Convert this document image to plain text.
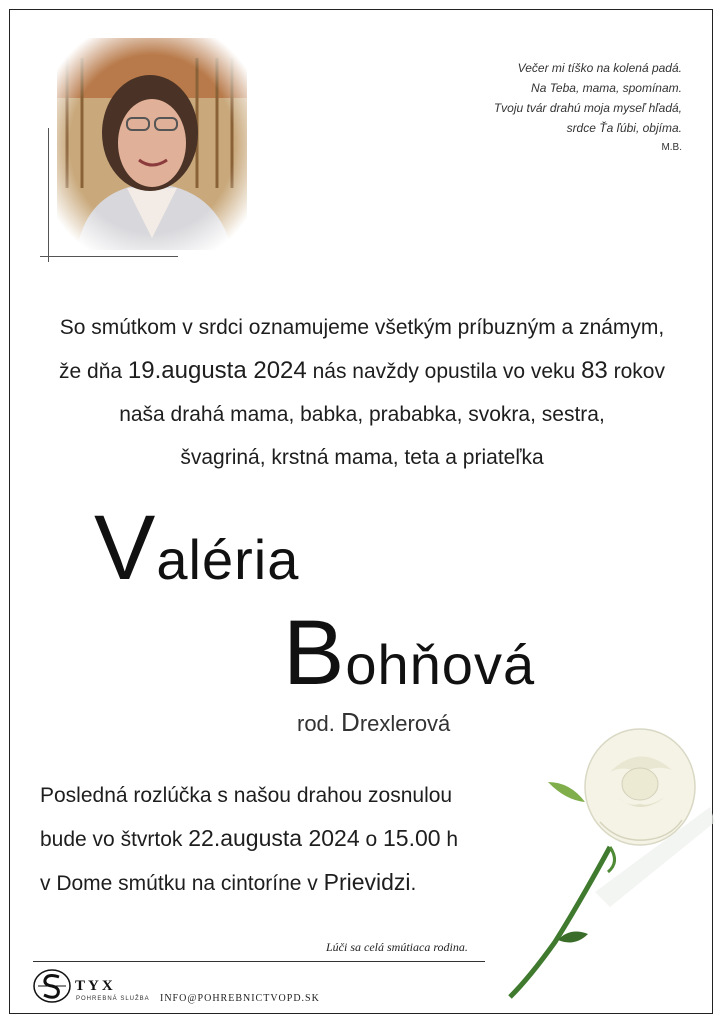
Večer mi tíško na kolená padá.
Na Teba, mama, spomínam.
Tvoju tvár drahú moja myseľ hľadá,
srdce Ťa ľúbi, objíma.
M.B.
So smútkom v srdci oznamujeme všetkým príbuzným a známym,
že dňa 19.augusta 2024 nás navždy opustila vo veku 83 rokov
naša drahá mama, babka, prababka, svokra, sestra,
švagriná, krstná mama, teta a priateľka
Valéria
Bohňová
rod. Drexlerová
Posledná rozlúčka s našou drahou zosnulou
bude vo štvrtok 22.augusta 2024 o 15.00 h
v Dome smútku na cintoríne v Prievidzi.
Lúči sa celá smútiaca rodina.
TYX
POHREBNÁ SLUŽBA INFO@POHREBNICTVOPD.SK
